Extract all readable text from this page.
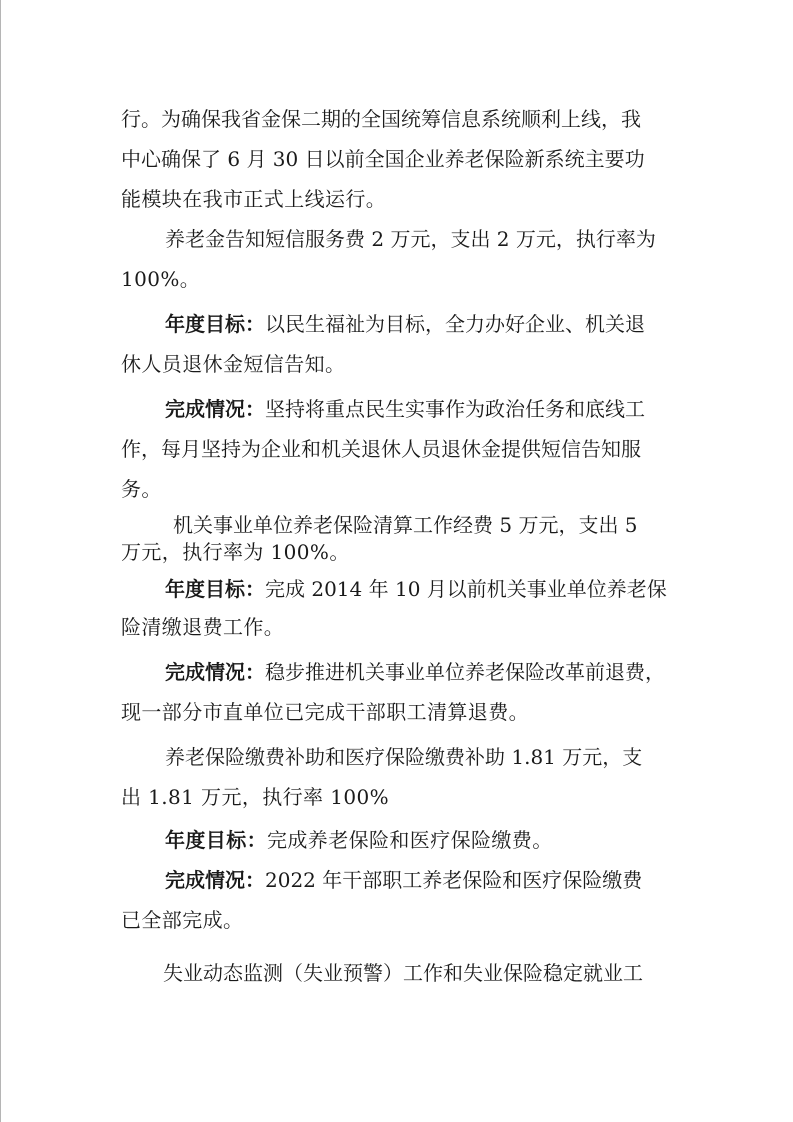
行。为确保我省金保二期的全国统筹信息系统顺利上线，我
中心确保了 6 月 30 日以前全国企业养老保险新系统主要功
能模块在我市正式上线运行。
养老金告知短信服务费 2 万元，支出 2 万元，执行率为
100%。
年度目标：以民生福祉为目标，全力办好企业、机关退
休人员退休金短信告知。
完成情况：坚持将重点民生实事作为政治任务和底线工
作，每月坚持为企业和机关退休人员退休金提供短信告知服
务。
机关事业单位养老保险清算工作经费 5 万元，支出 5
万元，执行率为 100%。
年度目标：完成 2014 年 10 月以前机关事业单位养老保
险清缴退费工作。
完成情况：稳步推进机关事业单位养老保险改革前退费，
现一部分市直单位已完成干部职工清算退费。
养老保险缴费补助和医疗保险缴费补助 1.81 万元，支
出 1.81 万元，执行率 100%
年度目标：完成养老保险和医疗保险缴费。
完成情况：2022 年干部职工养老保险和医疗保险缴费
已全部完成。
失业动态监测（失业预警）工作和失业保险稳定就业工
